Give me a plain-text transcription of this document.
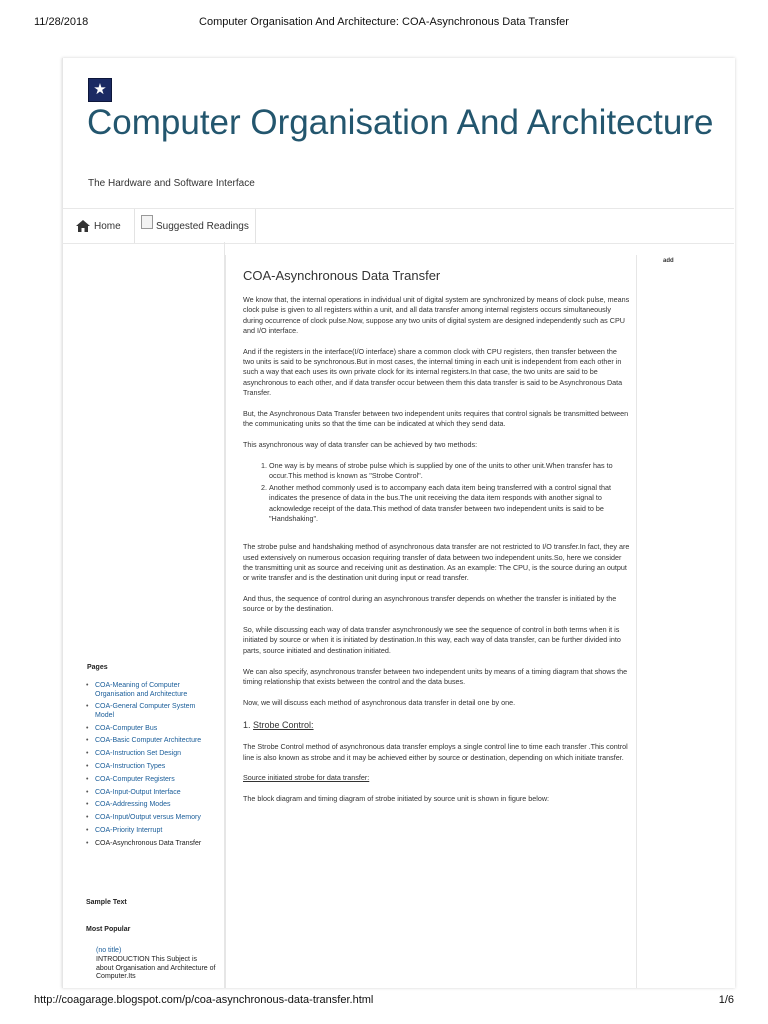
11/28/2018	Computer Organisation And Architecture: COA-Asynchronous Data Transfer
★
Computer Organisation And Architecture
The Hardware and Software Interface
Home	Suggested Readings
add
COA-Asynchronous Data Transfer

We know that, the internal operations in individual unit of digital system are synchronized by means of clock pulse, means clock pulse is given to all registers within a unit, and all data transfer among internal registers occurs simultaneously during occurrence of clock pulse.Now, suppose any two units of digital system are designed independently such as CPU and I/O interface.

And if the registers in the interface(I/O interface) share a common clock with CPU registers, then transfer between the two units is said to be synchronous.But in most cases, the internal timing in each unit is independent from each other in such a way that each uses its own private clock for its internal registers.In that case, the two units are said to be asynchronous to each other, and if data transfer occur between them this data transfer is said to be Asynchronous Data Transfer.

But, the Asynchronous Data Transfer between two independent units requires that control signals be transmitted between the communicating units so that the time can be indicated at which they send data.

This asynchronous way of data transfer can be achieved by two methods:

1. One way is by means of strobe pulse which is supplied by one of the units to other unit.When transfer has to occur.This method is known as "Strobe Control".
2. Another method commonly used is to accompany each data item being transferred with a control signal that indicates the presence of data in the bus.The unit receiving the data item responds with another signal to acknowledge receipt of the data.This method of data transfer between two independent units is said to be "Handshaking".

The strobe pulse and handshaking method of asynchronous data transfer are not restricted to I/O transfer.In fact, they are used extensively on numerous occasion requiring transfer of data between two independent units.So, here we consider the transmitting unit as source and receiving unit as destination. As an example: The CPU, is the source during an output or write transfer and is the destination unit during input or read transfer.

And thus, the sequence of control during an asynchronous transfer depends on whether the transfer is initiated by the source or by the destination.

So, while discussing each way of data transfer asynchronously we see the sequence of control in both terms when it is initiated by source or when it is initiated by destination.In this way, each way of data transfer, can be further divided into parts, source initiated and destination initiated.

We can also specify, asynchronous transfer between two independent units by means of a timing diagram that shows the timing relationship that exists between the control and the data buses.

Now, we will discuss each method of asynchronous data transfer in detail one by one.

1. Strobe Control:

The Strobe Control method of asynchronous data transfer employs a single control line to time each transfer .This control line is also known as strobe and it may be achieved either by source or destination, depending on which initiate transfer.

Source initiated strobe for data transfer:

The block diagram and timing diagram of strobe initiated by source unit is shown in figure below:

Pages
• COA-Meaning of Computer Organisation and Architecture
• COA-General Computer System Model
• COA-Computer Bus
• COA-Basic Computer Architecture
• COA-Instruction Set Design
• COA-Instruction Types
• COA-Computer Registers
• COA-Input-Output Interface
• COA-Addressing Modes
• COA-Input/Output versus Memory
• COA-Priority Interrupt
• COA-Asynchronous Data Transfer
Sample Text
Most Popular
(no title)
INTRODUCTION This Subject is about Organisation and Architecture of Computer.Its
http://coagarage.blogspot.com/p/coa-asynchronous-data-transfer.html	1/6
